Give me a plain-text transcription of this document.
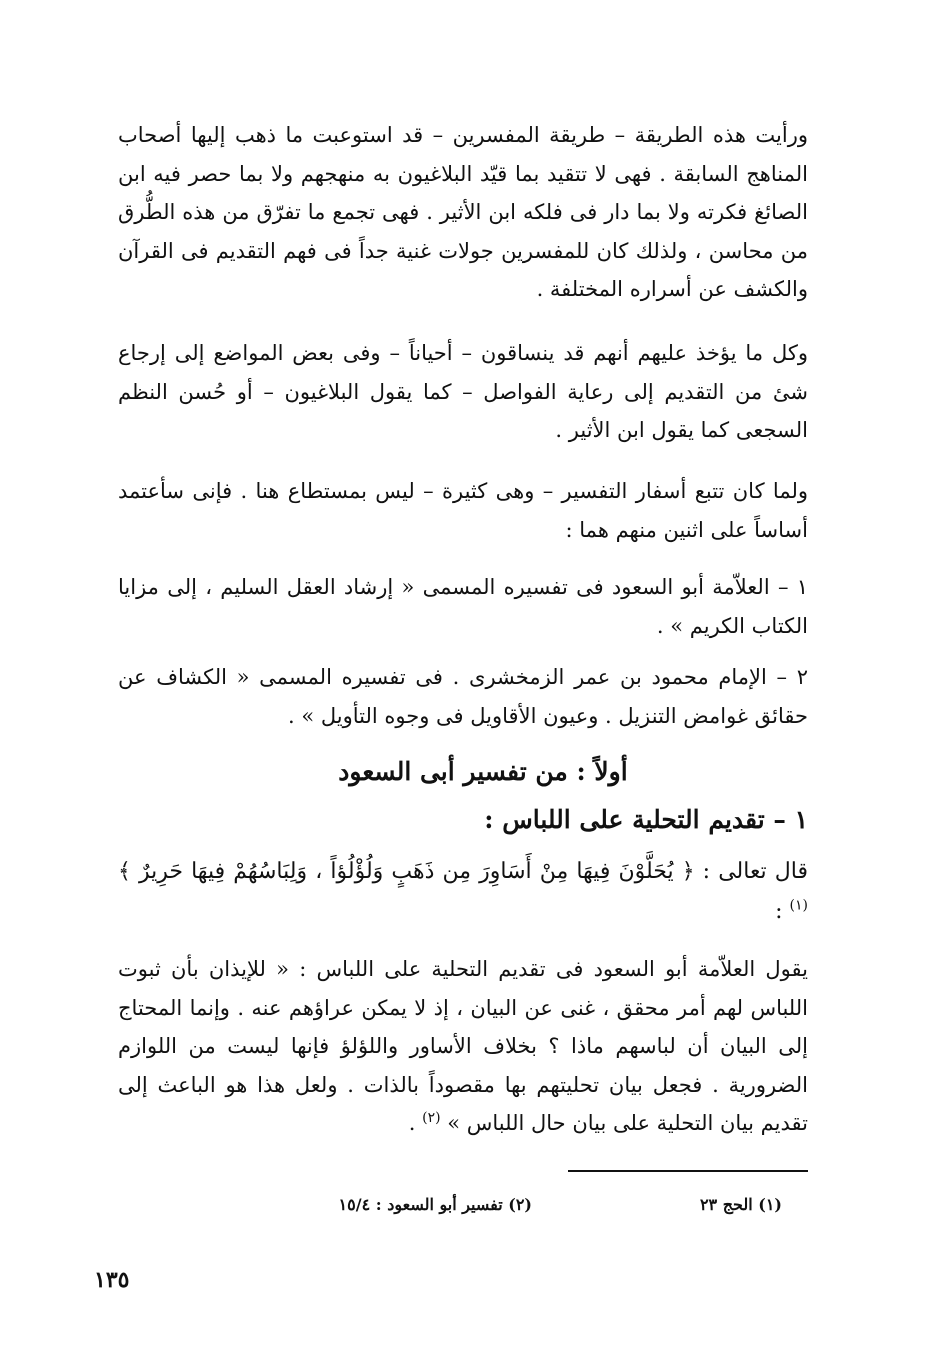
ورأيت هذه الطريقة – طريقة المفسرين – قد استوعبت ما ذهب إليها أصحاب المناهج السابقة . فهى لا تتقيد بما قيّد البلاغيون به منهجهم ولا بما حصر فيه ابن الصائغ فكرته ولا بما دار فى فلكه ابن الأثير . فهى تجمع ما تفرّق من هذه الطُّرق من محاسن ، ولذلك كان للمفسرين جولات غنية جداً فى فهم التقديم فى القرآن والكشف عن أسراره المختلفة .

وكل ما يؤخذ عليهم أنهم قد ينساقون – أحياناً – وفى بعض المواضع إلى إرجاع شئ من التقديم إلى رعاية الفواصل – كما يقول البلاغيون – أو حُسن النظم السجعى كما يقول ابن الأثير .

ولما كان تتبع أسفار التفسير – وهى كثيرة – ليس بمستطاع هنا . فإنى سأعتمد أساساً على اثنين منهم هما :

١ – العلاّمة أبو السعود فى تفسيره المسمى « إرشاد العقل السليم ، إلى مزايا الكتاب الكريم » .

٢ – الإمام محمود بن عمر الزمخشرى . فى تفسيره المسمى « الكشاف عن حقائق غوامض التنزيل . وعيون الأقاويل فى وجوه التأويل » .

أولاً : من تفسير أبى السعود
١ – تقديم التحلية على اللباس :

قال تعالى : ﴿ يُحَلَّوْنَ فِيهَا مِنْ أَسَاوِرَ مِن ذَهَبٍ وَلُؤْلُؤاً ، وَلِبَاسُهُمْ فِيهَا حَرِيرٌ ﴾ $^{(١)}$ :

يقول العلاّمة أبو السعود فى تقديم التحلية على اللباس : « للإيذان بأن ثبوت اللباس لهم أمر محقق ، غنى عن البيان ، إذ لا يمكن عراؤهم عنه . وإنما المحتاج إلى البيان أن لباسهم ماذا ؟ بخلاف الأساور واللؤلؤ فإنها ليست من اللوازم الضرورية . فجعل بيان تحليتهم بها مقصوداً بالذات . ولعل هذا هو الباعث إلى تقديم بيان التحلية على بيان حال اللباس » $^{(٢)}$ .

(١) الحج ٢٣
(٢) تفسير أبو السعود : ١٥/٤
١٣٥
